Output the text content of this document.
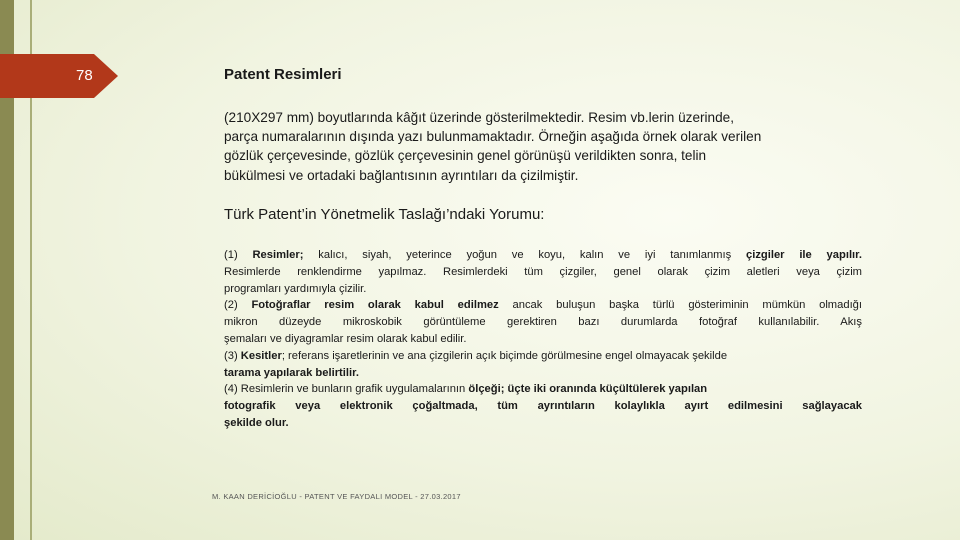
78	Patent Resimleri
(210X297 mm) boyutlarında kâğıt üzerinde gösterilmektedir. Resim vb.lerin üzerinde,
parça numaralarının dışında yazı bulunmamaktadır. Örneğin aşağıda örnek olarak verilen
gözlük çerçevesinde, gözlük çerçevesinin genel görünüşü verildikten sonra, telin
bükülmesi ve ortadaki bağlantısının ayrıntıları da çizilmiştir.
Türk Patent’in Yönetmelik Taslağı’ndaki Yorumu:
(1) Resimler; kalıcı, siyah, yeterince yoğun ve koyu, kalın ve iyi tanımlanmış çizgiler ile yapılır.
Resimlerde renklendirme yapılmaz. Resimlerdeki tüm çizgiler, genel olarak çizim aletleri veya çizim
programları yardımıyla çizilir.
(2) Fotoğraflar resim olarak kabul edilmez ancak buluşun başka türlü gösteriminin mümkün olmadığı
mikron düzeyde mikroskobik görüntüleme gerektiren bazı durumlarda fotoğraf kullanılabilir. Akış
şemaları ve diyagramlar resim olarak kabul edilir.
(3) Kesitler; referans işaretlerinin ve ana çizgilerin açık biçimde görülmesine engel olmayacak şekilde
tarama yapılarak belirtilir.
(4) Resimlerin ve bunların grafik uygulamalarının ölçeği; üçte iki oranında küçültülerek yapılan
fotografik veya elektronik çoğaltmada, tüm ayrıntıların kolaylıkla ayırt edilmesini sağlayacak
şekilde olur.
M. KAAN DERİCİOĞLU - PATENT VE FAYDALI MODEL - 27.03.2017
